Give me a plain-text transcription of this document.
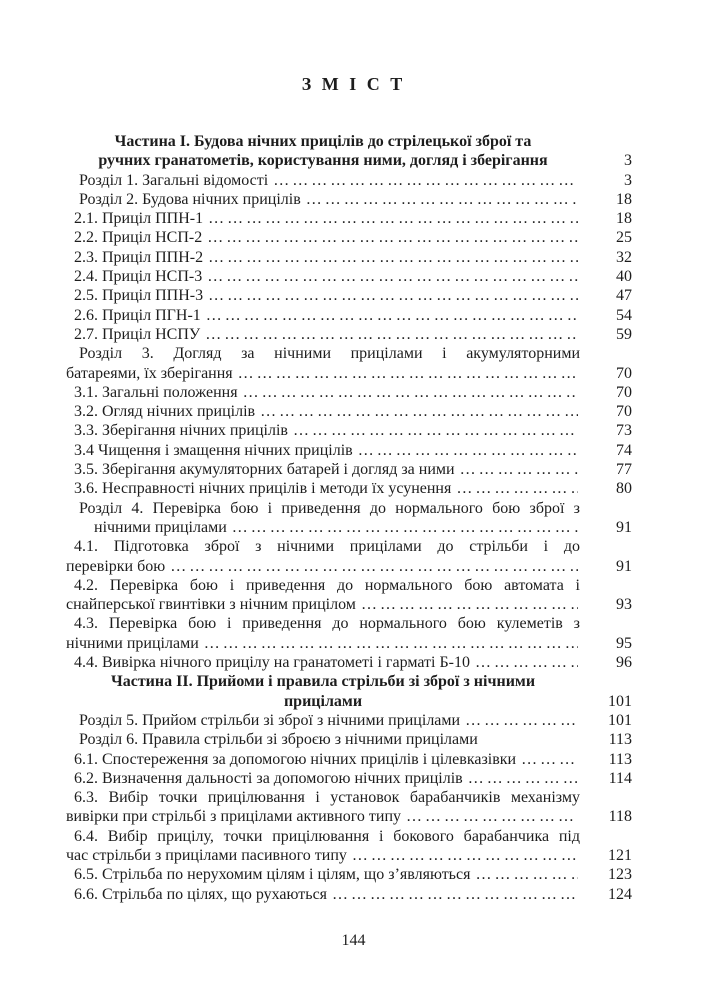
З М І С Т
Частина І. Будова нічних прицілів до стрілецької зброї та
ручних гранатометів, користування ними, догляд і зберігання	3
Розділ 1. Загальні відомості ……………………………………………………………………………………………………	3
Розділ 2. Будова нічних прицілів ……………………………………………………………………………………………………	18
2.1. Приціл ППН-1 ……………………………………………………………………………………………………	18
2.2. Приціл НСП-2 ……………………………………………………………………………………………………	25
2.3. Приціл ППН-2 ……………………………………………………………………………………………………	32
2.4. Приціл НСП-3 ……………………………………………………………………………………………………	40
2.5. Приціл ППН-3 ……………………………………………………………………………………………………	47
2.6. Приціл ПГН-1 ……………………………………………………………………………………………………	54
2.7. Приціл НСПУ ……………………………………………………………………………………………………	59
Розділ 3. Догляд за нічними прицілами і акумуляторними
батареями, їх зберігання ……………………………………………………………………………………………………	70
3.1. Загальні положення ……………………………………………………………………………………………………	70
3.2. Огляд нічних прицілів ……………………………………………………………………………………………………	70
3.3. Зберігання нічних прицілів ……………………………………………………………………………………………………	73
3.4 Чищення і змащення нічних прицілів ……………………………………………………………………………………………………	74
3.5. Зберігання акумуляторних батарей і догляд за ними ……………………………………………………………………………………………………	77
3.6. Несправності нічних прицілів і методи їх усунення ……………………………………………………………………………………………………	80
Розділ 4. Перевірка бою і приведення до нормального бою зброї з
нічними прицілами ……………………………………………………………………………………………………	91
4.1. Підготовка зброї з нічними прицілами до стрільби і до
перевірки бою ……………………………………………………………………………………………………	91
4.2. Перевірка бою і приведення до нормального бою автомата і
снайперської гвинтівки з нічним прицілом ……………………………………………………………………………………………………	93
4.3. Перевірка бою і приведення до нормального бою кулеметів з
нічними прицілами ……………………………………………………………………………………………………	95
4.4. Вивірка нічного прицілу на гранатометі і гарматі Б-10 ……………………………………………………………………………………………………	96
Частина ІІ. Прийоми і правила стрільби зі зброї з нічними
прицілами	101
Розділ 5. Прийом стрільби зі зброї з нічними прицілами ……………………………………………………………………………………………………	101
Розділ 6. Правила стрільби зі зброєю з нічними прицілами	113
6.1. Спостереження за допомогою нічних прицілів і цілевказівки ……………………………………………………………………………………………………	113
6.2. Визначення дальності за допомогою нічних прицілів ……………………………………………………………………………………………………	114
6.3. Вибір точки прицілювання і установок барабанчиків механізму
вивірки при стрільбі з прицілами активного типу ……………………………………………………………………………………………………	118
6.4. Вибір прицілу, точки прицілювання і бокового барабанчика під
час стрільби з прицілами пасивного типу ……………………………………………………………………………………………………	121
6.5. Стрільба по нерухомим цілям і цілям, що з’являються ……………………………………………………………………………………………………	123
6.6. Стрільба по цілях, що рухаються ……………………………………………………………………………………………………	124
144
